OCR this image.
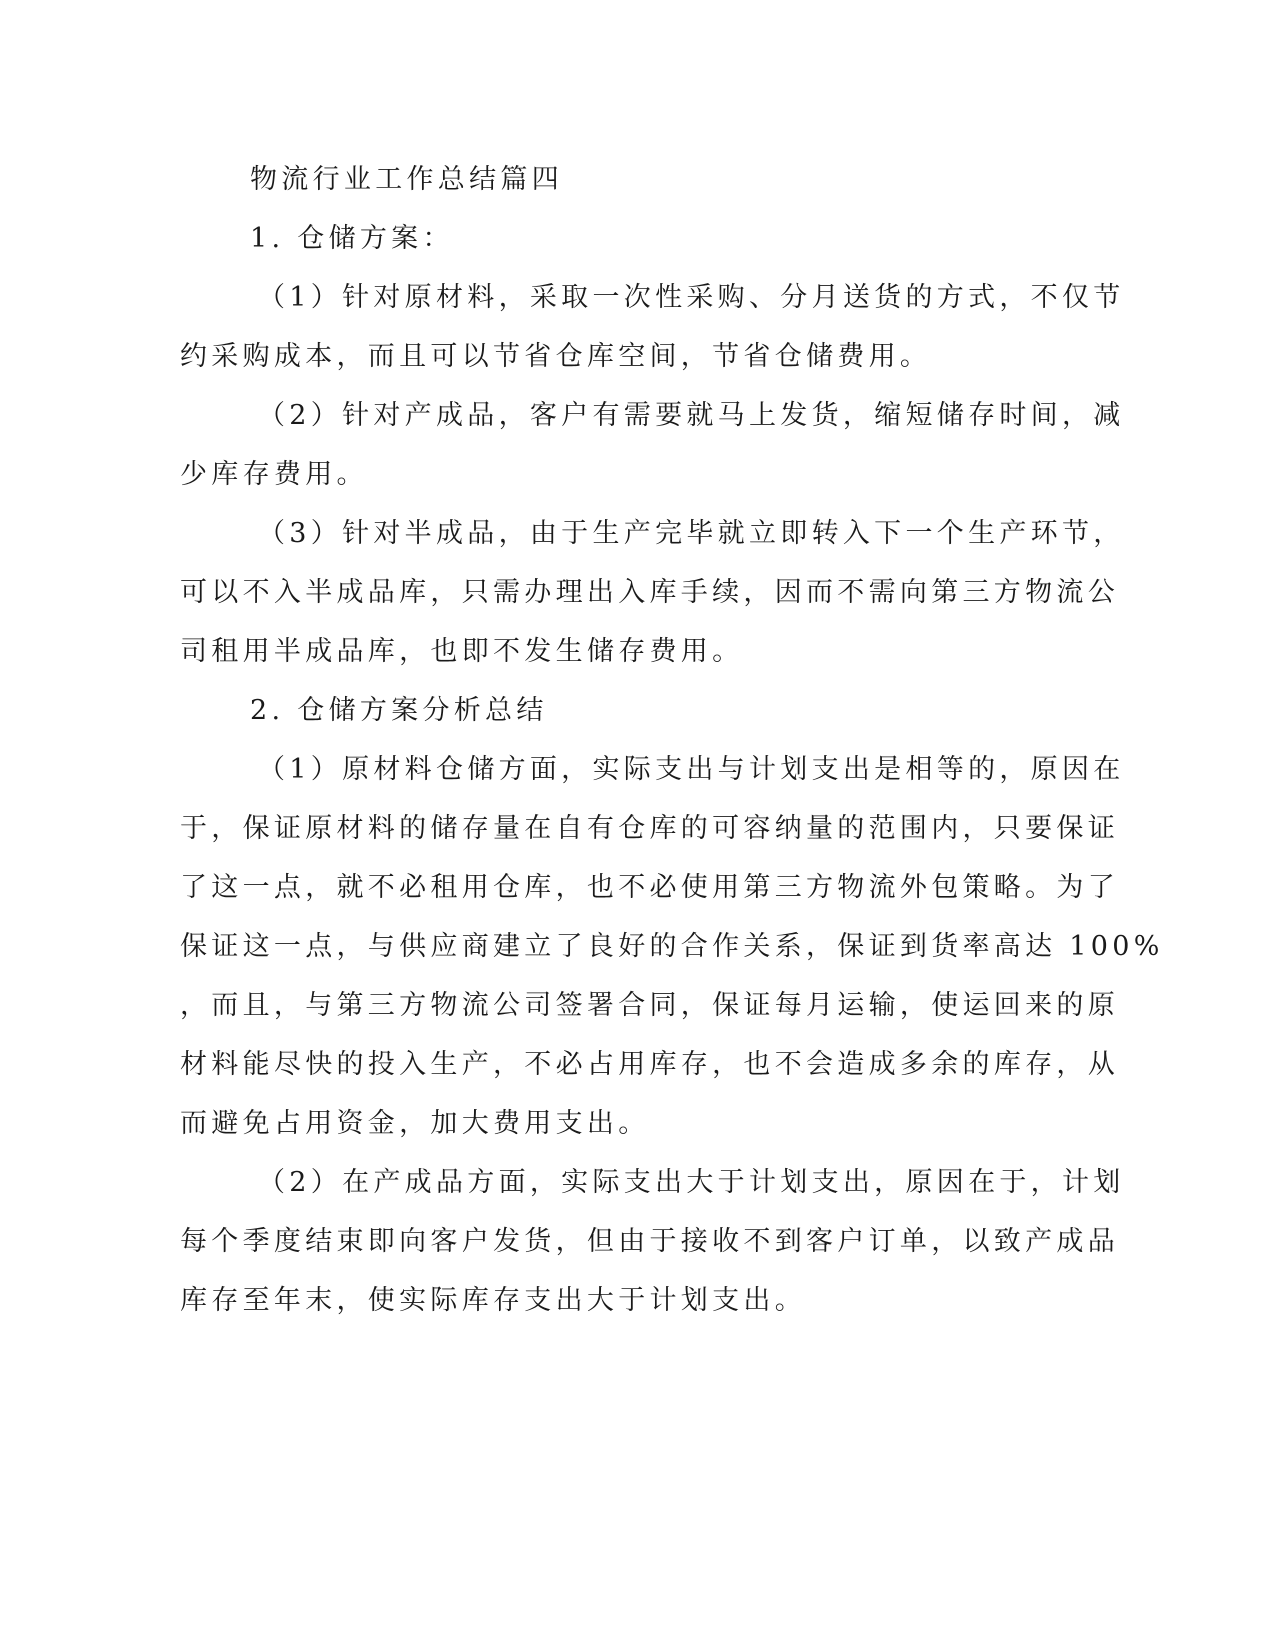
物流行业工作总结篇四
1. 仓储方案：
（1）针对原材料，采取一次性采购、分月送货的方式，不仅节
约采购成本，而且可以节省仓库空间，节省仓储费用。
（2）针对产成品，客户有需要就马上发货，缩短储存时间，减
少库存费用。
（3）针对半成品，由于生产完毕就立即转入下一个生产环节，
可以不入半成品库，只需办理出入库手续，因而不需向第三方物流公
司租用半成品库，也即不发生储存费用。
2. 仓储方案分析总结
（1）原材料仓储方面，实际支出与计划支出是相等的，原因在
于，保证原材料的储存量在自有仓库的可容纳量的范围内，只要保证
了这一点，就不必租用仓库，也不必使用第三方物流外包策略。为了
保证这一点，与供应商建立了良好的合作关系，保证到货率高达 100%
，而且，与第三方物流公司签署合同，保证每月运输，使运回来的原
材料能尽快的投入生产，不必占用库存，也不会造成多余的库存，从
而避免占用资金，加大费用支出。
（2）在产成品方面，实际支出大于计划支出，原因在于，计划
每个季度结束即向客户发货，但由于接收不到客户订单，以致产成品
库存至年末，使实际库存支出大于计划支出。
